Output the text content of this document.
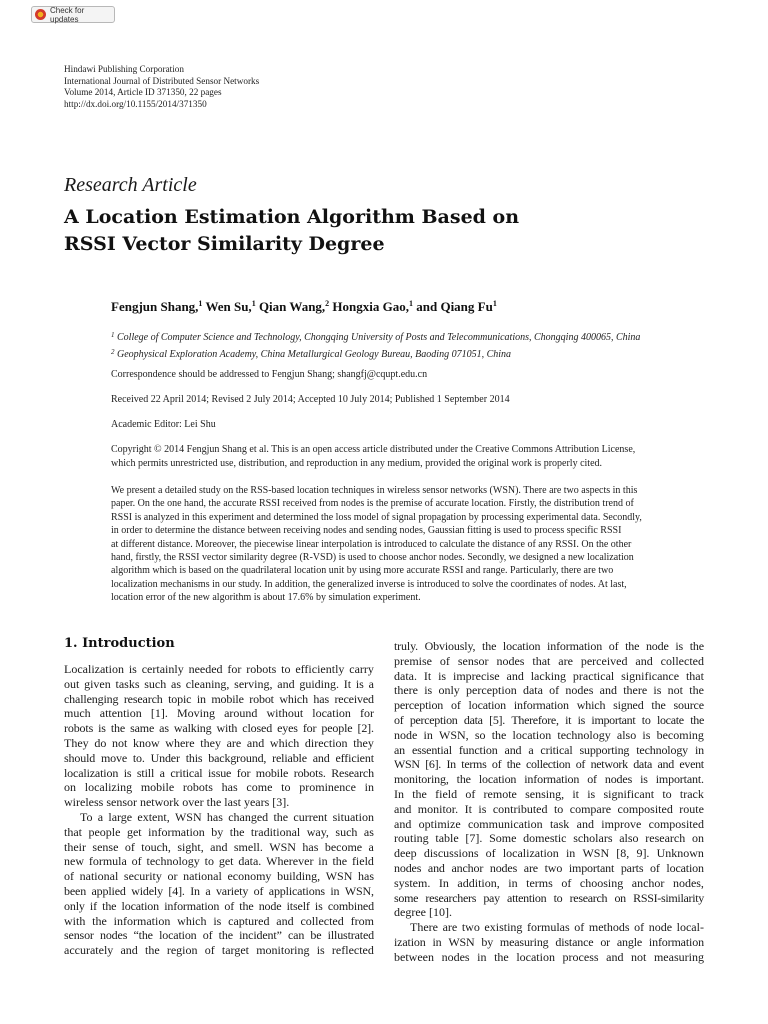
Check for updates
Hindawi Publishing Corporation
International Journal of Distributed Sensor Networks
Volume 2014, Article ID 371350, 22 pages
http://dx.doi.org/10.1155/2014/371350
Research Article
A Location Estimation Algorithm Based on
RSSI Vector Similarity Degree
Fengjun Shang,$^1$ Wen Su,$^1$ Qian Wang,$^2$ Hongxia Gao,$^1$ and Qiang Fu$^1$
$^1$ College of Computer Science and Technology, Chongqing University of Posts and Telecommunications, Chongqing 400065, China
$^2$ Geophysical Exploration Academy, China Metallurgical Geology Bureau, Baoding 071051, China
Correspondence should be addressed to Fengjun Shang; shangfj@cqupt.edu.cn
Received 22 April 2014; Revised 2 July 2014; Accepted 10 July 2014; Published 1 September 2014
Academic Editor: Lei Shu
Copyright © 2014 Fengjun Shang et al. This is an open access article distributed under the Creative Commons Attribution License,
which permits unrestricted use, distribution, and reproduction in any medium, provided the original work is properly cited.
We present a detailed study on the RSS-based location techniques in wireless sensor networks (WSN). There are two aspects in this
paper. On the one hand, the accurate RSSI received from nodes is the premise of accurate location. Firstly, the distribution trend of
RSSI is analyzed in this experiment and determined the loss model of signal propagation by processing experimental data. Secondly,
in order to determine the distance between receiving nodes and sending nodes, Gaussian fitting is used to process specific RSSI
at different distance. Moreover, the piecewise linear interpolation is introduced to calculate the distance of any RSSI. On the other
hand, firstly, the RSSI vector similarity degree (R-VSD) is used to choose anchor nodes. Secondly, we designed a new localization
algorithm which is based on the quadrilateral location unit by using more accurate RSSI and range. Particularly, there are two
localization mechanisms in our study. In addition, the generalized inverse is introduced to solve the coordinates of nodes. At last,
location error of the new algorithm is about 17.6% by simulation experiment.
1. Introduction
Localization is certainly needed for robots to efficiently carry
out given tasks such as cleaning, serving, and guiding. It is a
challenging research topic in mobile robot which has received
much attention [1]. Moving around without location for
robots is the same as walking with closed eyes for people [2].
They do not know where they are and which direction they
should move to. Under this background, reliable and efficient
localization is still a critical issue for mobile robots. Research
on localizing mobile robots has come to prominence in
wireless sensor network over the last years [3].
To a large extent, WSN has changed the current situation
that people get information by the traditional way, such as
their sense of touch, sight, and smell. WSN has become a
new formula of technology to get data. Wherever in the field
of national security or national economy building, WSN has
been applied widely [4]. In a variety of applications in WSN,
only if the location information of the node itself is combined
with the information which is captured and collected from
sensor nodes “the location of the incident” can be illustrated
accurately and the region of target monitoring is reflected
truly. Obviously, the location information of the node is the
premise of sensor nodes that are perceived and collected
data. It is imprecise and lacking practical significance that
there is only perception data of nodes and there is not the
perception of location information which signed the source
of perception data [5]. Therefore, it is important to locate the
node in WSN, so the location technology also is becoming
an essential function and a critical supporting technology in
WSN [6]. In terms of the collection of network data and event
monitoring, the location information of nodes is important.
In the field of remote sensing, it is significant to track
and monitor. It is contributed to compare composited route
and optimize communication task and improve composited
routing table [7]. Some domestic scholars also research on
deep discussions of localization in WSN [8, 9]. Unknown
nodes and anchor nodes are two important parts of location
system. In addition, in terms of choosing anchor nodes,
some researchers pay attention to research on RSSI-similarity
degree [10].
There are two existing formulas of methods of node local-
ization in WSN by measuring distance or angle information
between nodes in the location process and not measuring
